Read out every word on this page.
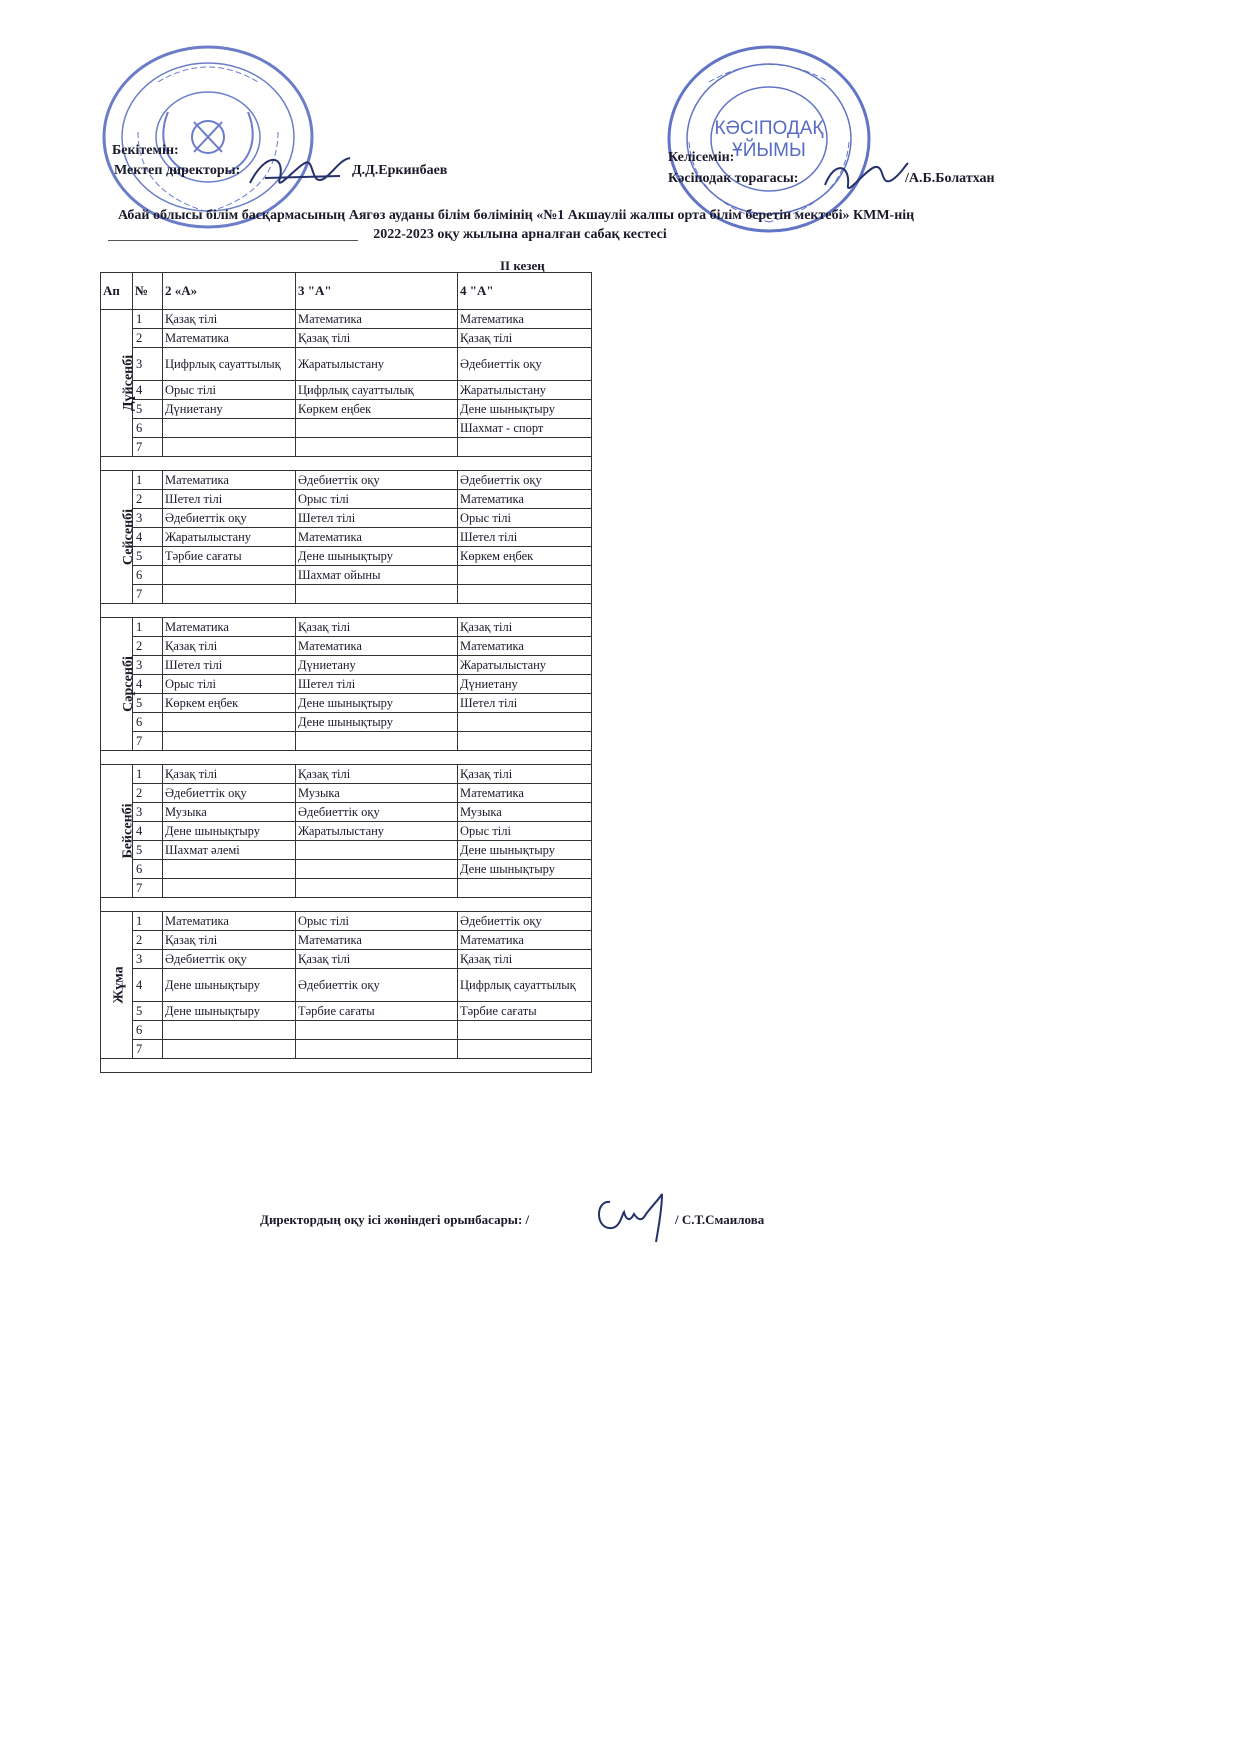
КӘСІПОДАҚ ҰЙЫМЫ
Бекітемін:
Мектеп директоры:	Д.Д.Еркинбаев
Келісемін:
Кәсіподак торагасы:	/А.Б.Болатхан
Абай облысы білім басқармасының Аягөз ауданы білім бөлімінің «№1 Акшауліі жалпы орта білім беретін мектебі» КММ-нің
2022-2023 оқу жылына арналған сабақ кестесі
ІІ кезең
Ап	№	2 «А»	3 "А"	4 "А"
Дүйсенбі	1	Қазақ тілі	Математика	Математика
	2	Математика	Қазақ тілі	Қазақ тілі
	3	Цифрлық сауаттылық	Жаратылыстану	Әдебиеттік оқу
	4	Орыс тілі	Цифрлық сауаттылық	Жаратылыстану
	5	Дүниетану	Көркем еңбек	Дене шынықтыру
	6			Шахмат - спорт
	7			

Сейсенбі	1	Математика	Әдебиеттік оқу	Әдебиеттік оқу
	2	Шетел тілі	Орыс тілі	Математика
	3	Әдебиеттік оқу	Шетел тілі	Орыс тілі
	4	Жаратылыстану	Математика	Шетел тілі
	5	Тәрбие сағаты	Дене шынықтыру	Көркем еңбек
	6		Шахмат ойыны	
	7			

Сәрсенбі	1	Математика	Қазақ тілі	Қазақ тілі
	2	Қазақ тілі	Математика	Математика
	3	Шетел тілі	Дүниетану	Жаратылыстану
	4	Орыс тілі	Шетел тілі	Дүниетану
	5	Көркем еңбек	Дене шынықтыру	Шетел тілі
	6		Дене шынықтыру	
	7			

Бейсенбі	1	Қазақ тілі	Қазақ тілі	Қазақ тілі
	2	Әдебиеттік оқу	Музыка	Математика
	3	Музыка	Әдебиеттік оқу	Музыка
	4	Дене шынықтыру	Жаратылыстану	Орыс тілі
	5	Шахмат әлемі		Дене шынықтыру
	6			Дене шынықтыру
	7			

Жұма	1	Математика	Орыс тілі	Әдебиеттік оқу
	2	Қазақ тілі	Математика	Математика
	3	Әдебиеттік оқу	Қазақ тілі	Қазақ тілі
	4	Дене шынықтыру	Әдебиеттік оқу	Цифрлық сауаттылық
	5	Дене шынықтыру	Тәрбие сағаты	Тәрбие сағаты
	6			
	7			

Директордың оқу ісі жөніндегі орынбасары: /	/ С.Т.Смаилова
